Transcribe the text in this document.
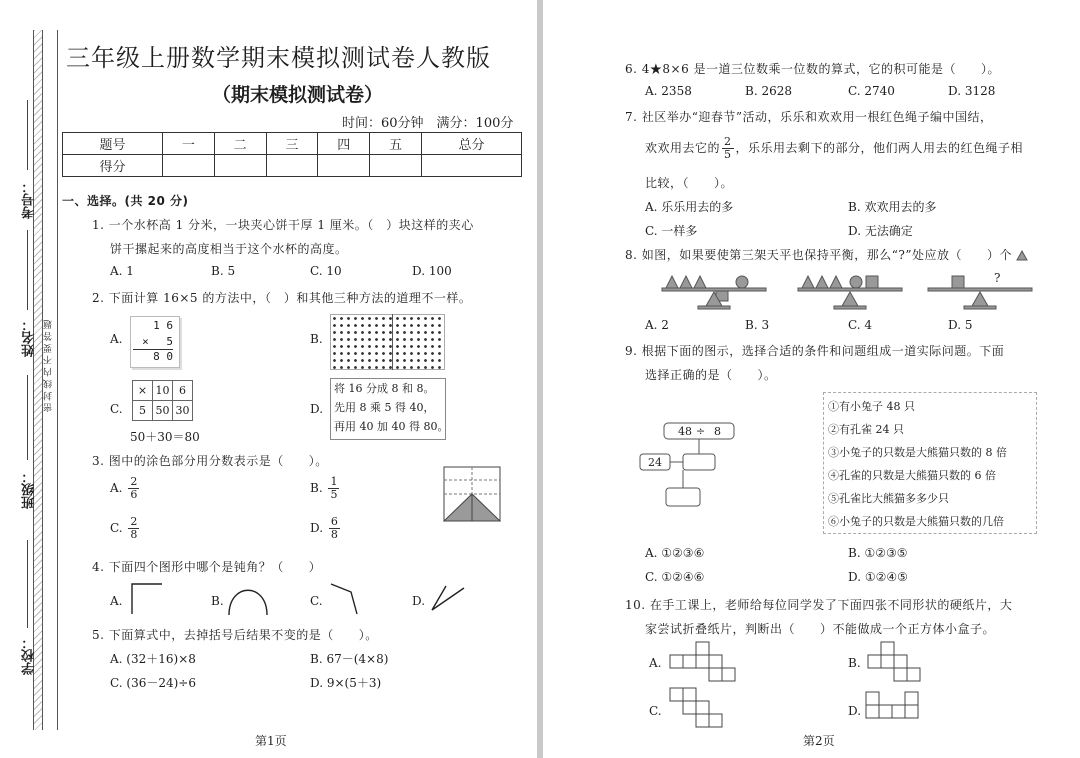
考号：
姓名： 密 封 线 内 不 要 答 题
班级：
学校：
三年级上册数学期末模拟测试卷人教版
（期末模拟测试卷）
时间：60分钟　满分：100分
题号	一	二	三	四	五	总分
得分						
一、选择。(共 20 分)
1. 一个水杯高 1 分米，一块夹心饼干厚 1 厘米。（　）块这样的夹心
饼干摞起来的高度相当于这个水杯的高度。
A. 1	B. 5	C. 10	D. 100
2. 下面计算 16×5 的方法中，（　）和其他三种方法的道理不一样。
A.
1 6
× 　5
8 0
B.
C.
×	10	6
5	50	30
50＋30＝80
D.
将 16 分成 8 和 8。
先用 8 乘 5 得 40，
再用 40 加 40 得 80。
3. 图中的涂色部分用分数表示是（　　）。
A. $\frac{2}{6}$	B. $\frac{1}{5}$
C. $\frac{2}{8}$	D. $\frac{6}{8}$
4. 下面四个图形中哪个是钝角？（　　）
A.	B.	C.	D.
5. 下面算式中，去掉括号后结果不变的是（　　）。
A. (32＋16)×8	B. 67－(4×8)
C. (36－24)÷6	D. 9×(5＋3)
第1页
6. 4★8×6 是一道三位数乘一位数的算式，它的积可能是（　　）。
A. 2358	B. 2628	C. 2740	D. 3128
7. 社区举办“迎春节”活动，乐乐和欢欢用一根红色绳子编中国结，
欢欢用去它的 $\frac{2}{5}$ ，乐乐用去剩下的部分，他们两人用去的红色绳子相
比较，（　　）。
A. 乐乐用去的多	B. 欢欢用去的多
C. 一样多	D. 无法确定
8. 如图，如果要使第三架天平也保持平衡，那么“?”处应放（　　）个
?
A. 2	B. 3	C. 4	D. 5
9. 根据下面的图示，选择合适的条件和问题组成一道实际问题。下面
选择正确的是（　　）。
48 ÷ 8
24
①有小兔子 48 只
②有孔雀 24 只
③小兔子的只数是大熊猫只数的 8 倍
④孔雀的只数是大熊猫只数的 6 倍
⑤孔雀比大熊猫多多少只
⑥小兔子的只数是大熊猫只数的几倍
A. ①②③⑥	B. ①②③⑤
C. ①②④⑥	D. ①②④⑤
10. 在手工课上，老师给每位同学发了下面四张不同形状的硬纸片，大
家尝试折叠纸片，判断出（　　）不能做成一个正方体小盒子。
A.	B.
C.	D.
第2页
